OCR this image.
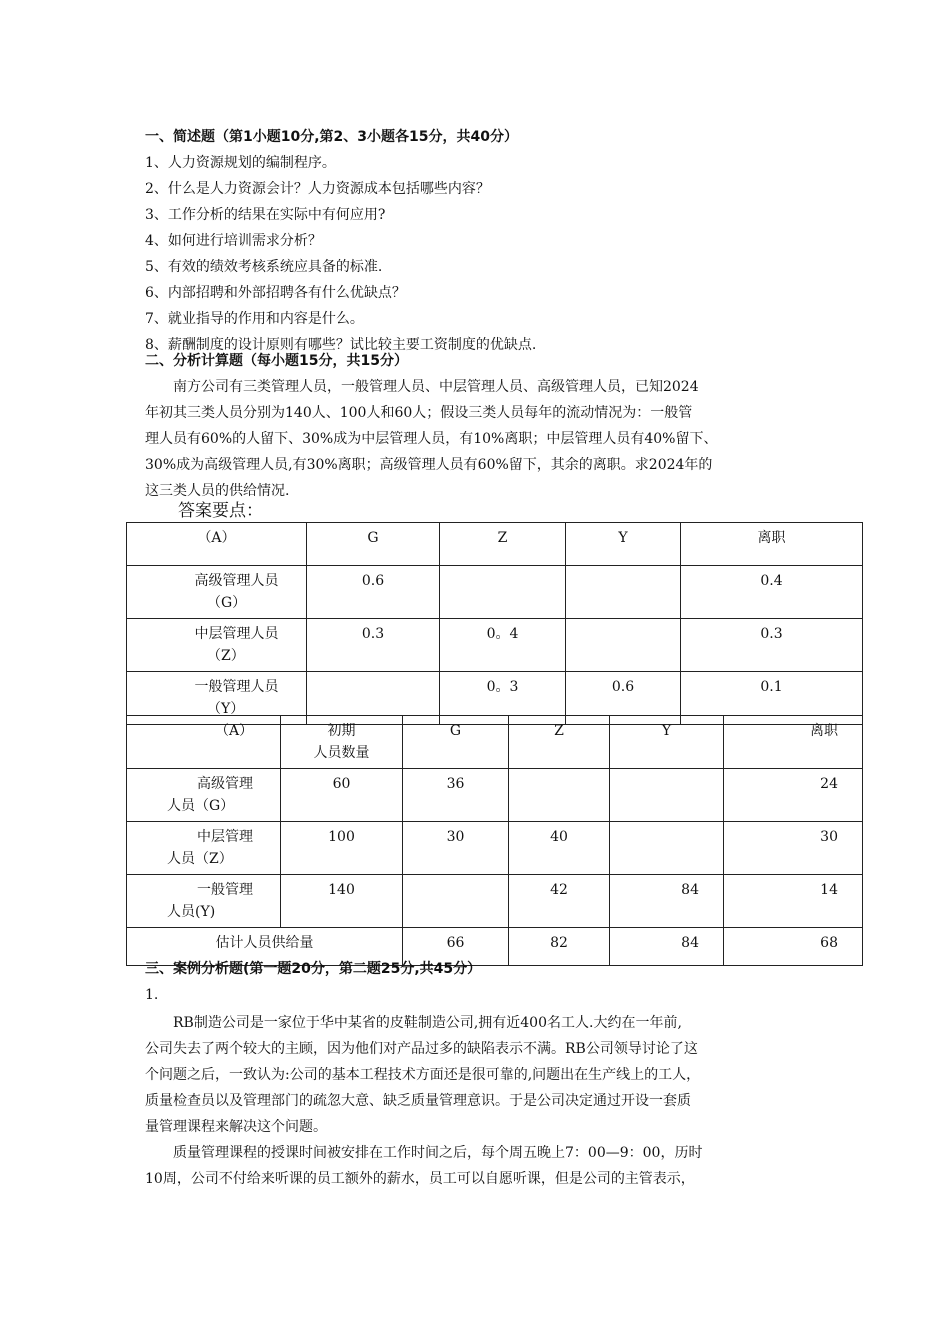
一、简述题（第1小题10分,第2、3小题各15分，共40分）
1、人力资源规划的编制程序。
2、什么是人力资源会计？人力资源成本包括哪些内容？
3、工作分析的结果在实际中有何应用?
4、如何进行培训需求分析？
5、有效的绩效考核系统应具备的标准.
6、内部招聘和外部招聘各有什么优缺点？
7、就业指导的作用和内容是什么。
8、薪酬制度的设计原则有哪些？试比较主要工资制度的优缺点.
二、分析计算题（每小题15分，共15分）
南方公司有三类管理人员，一般管理人员、中层管理人员、高级管理人员，已知2024
年初其三类人员分别为140人、100人和60人；假设三类人员每年的流动情况为：一般管
理人员有60%的人留下、30%成为中层管理人员，有10%离职；中层管理人员有40%留下、
30%成为高级管理人员,有30%离职；高级管理人员有60%留下，其余的离职。求2024年的
这三类人员的供给情况.
答案要点：
（A）	G	Z	Y	离职

高级管理人员
（G）	0.6			0.4

中层管理人员
（Z）	0.3	0。4		0.3

一般管理人员
（Y）		0。3	0.6	0.1
（A）	初期
人员数量	G	Z	Y	离职

高级管理
人员（G）	60	36			24

中层管理
人员（Z）	100	30	40		30

一般管理
人员(Y)	140		42	84	14
估计人员供给量		66	82	84	68
三、案例分析题(第一题20分，第二题25分,共45分）
1.
RB制造公司是一家位于华中某省的皮鞋制造公司,拥有近400名工人.大约在一年前,
公司失去了两个较大的主顾，因为他们对产品过多的缺陷表示不满。RB公司领导讨论了这
个问题之后，一致认为:公司的基本工程技术方面还是很可靠的,问题出在生产线上的工人，
质量检查员以及管理部门的疏忽大意、缺乏质量管理意识。于是公司决定通过开设一套质
量管理课程来解决这个问题。
质量管理课程的授课时间被安排在工作时间之后，每个周五晚上7：00—9：00，历时
10周，公司不付给来听课的员工额外的薪水，员工可以自愿听课，但是公司的主管表示，
